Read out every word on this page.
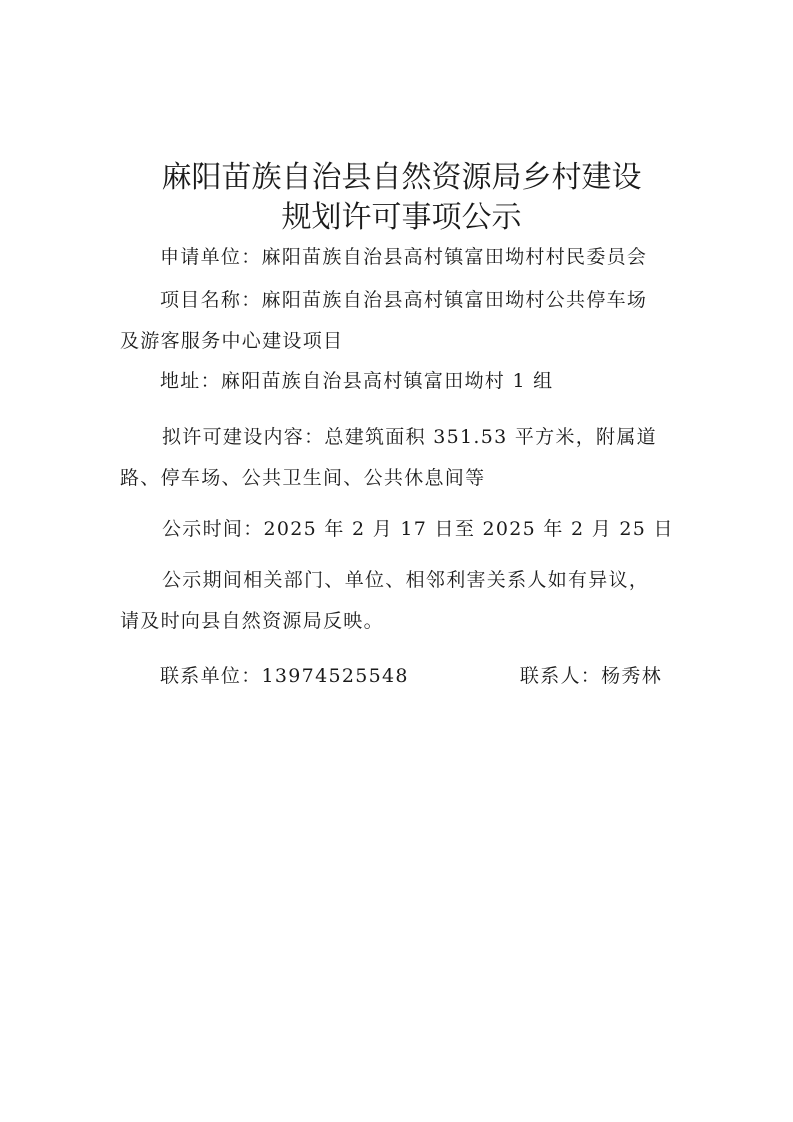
麻阳苗族自治县自然资源局乡村建设
规划许可事项公示
申请单位：麻阳苗族自治县高村镇富田坳村村民委员会
项目名称：麻阳苗族自治县高村镇富田坳村公共停车场
及游客服务中心建设项目
地址：麻阳苗族自治县高村镇富田坳村 1 组
拟许可建设内容：总建筑面积 351.53 平方米，附属道
路、停车场、公共卫生间、公共休息间等
公示时间：2025 年 2 月 17 日至 2025 年 2 月 25 日
公示期间相关部门、单位、相邻利害关系人如有异议，
请及时向县自然资源局反映。
联系单位：13974525548	联系人：杨秀林
